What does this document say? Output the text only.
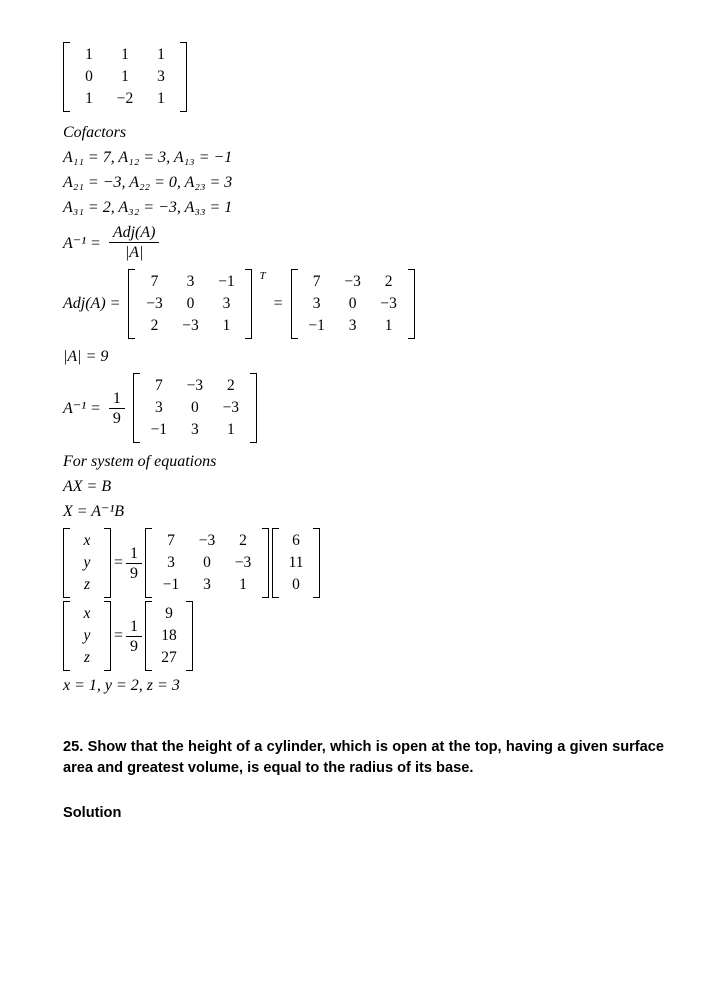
1	1	1
0	1	3
1	−2	1
Cofactors
A₁₁ = 7, A₁₂ = 3, A₁₃ = −1
A₂₁ = −3, A₂₂ = 0, A₂₃ = 3
A₃₁ = 2, A₃₂ = −3, A₃₃ = 1
$A^{-1} = \frac{\text{Adj(A)}}{|A|}$
Adj(A) =
7	3	−1
−3	0	3
2	−3	1
T
=
7	−3	2
3	0	−3
−1	3	1
|A| = 9
$A^{-1} = \frac{1}{9}$
7	−3	2
3	0	−3
−1	3	1
For system of equations
AX = B
X = A⁻¹B
x
y
z
= $\frac{1}{9}$
7	−3	2
3	0	−3
−1	3	1
6
11
0
x
y
z
= $\frac{1}{9}$
9
18
27
x = 1, y = 2, z = 3
25. Show that the height of a cylinder, which is open at the top, having a given surface area and greatest volume, is equal to the radius of its base.
Solution
